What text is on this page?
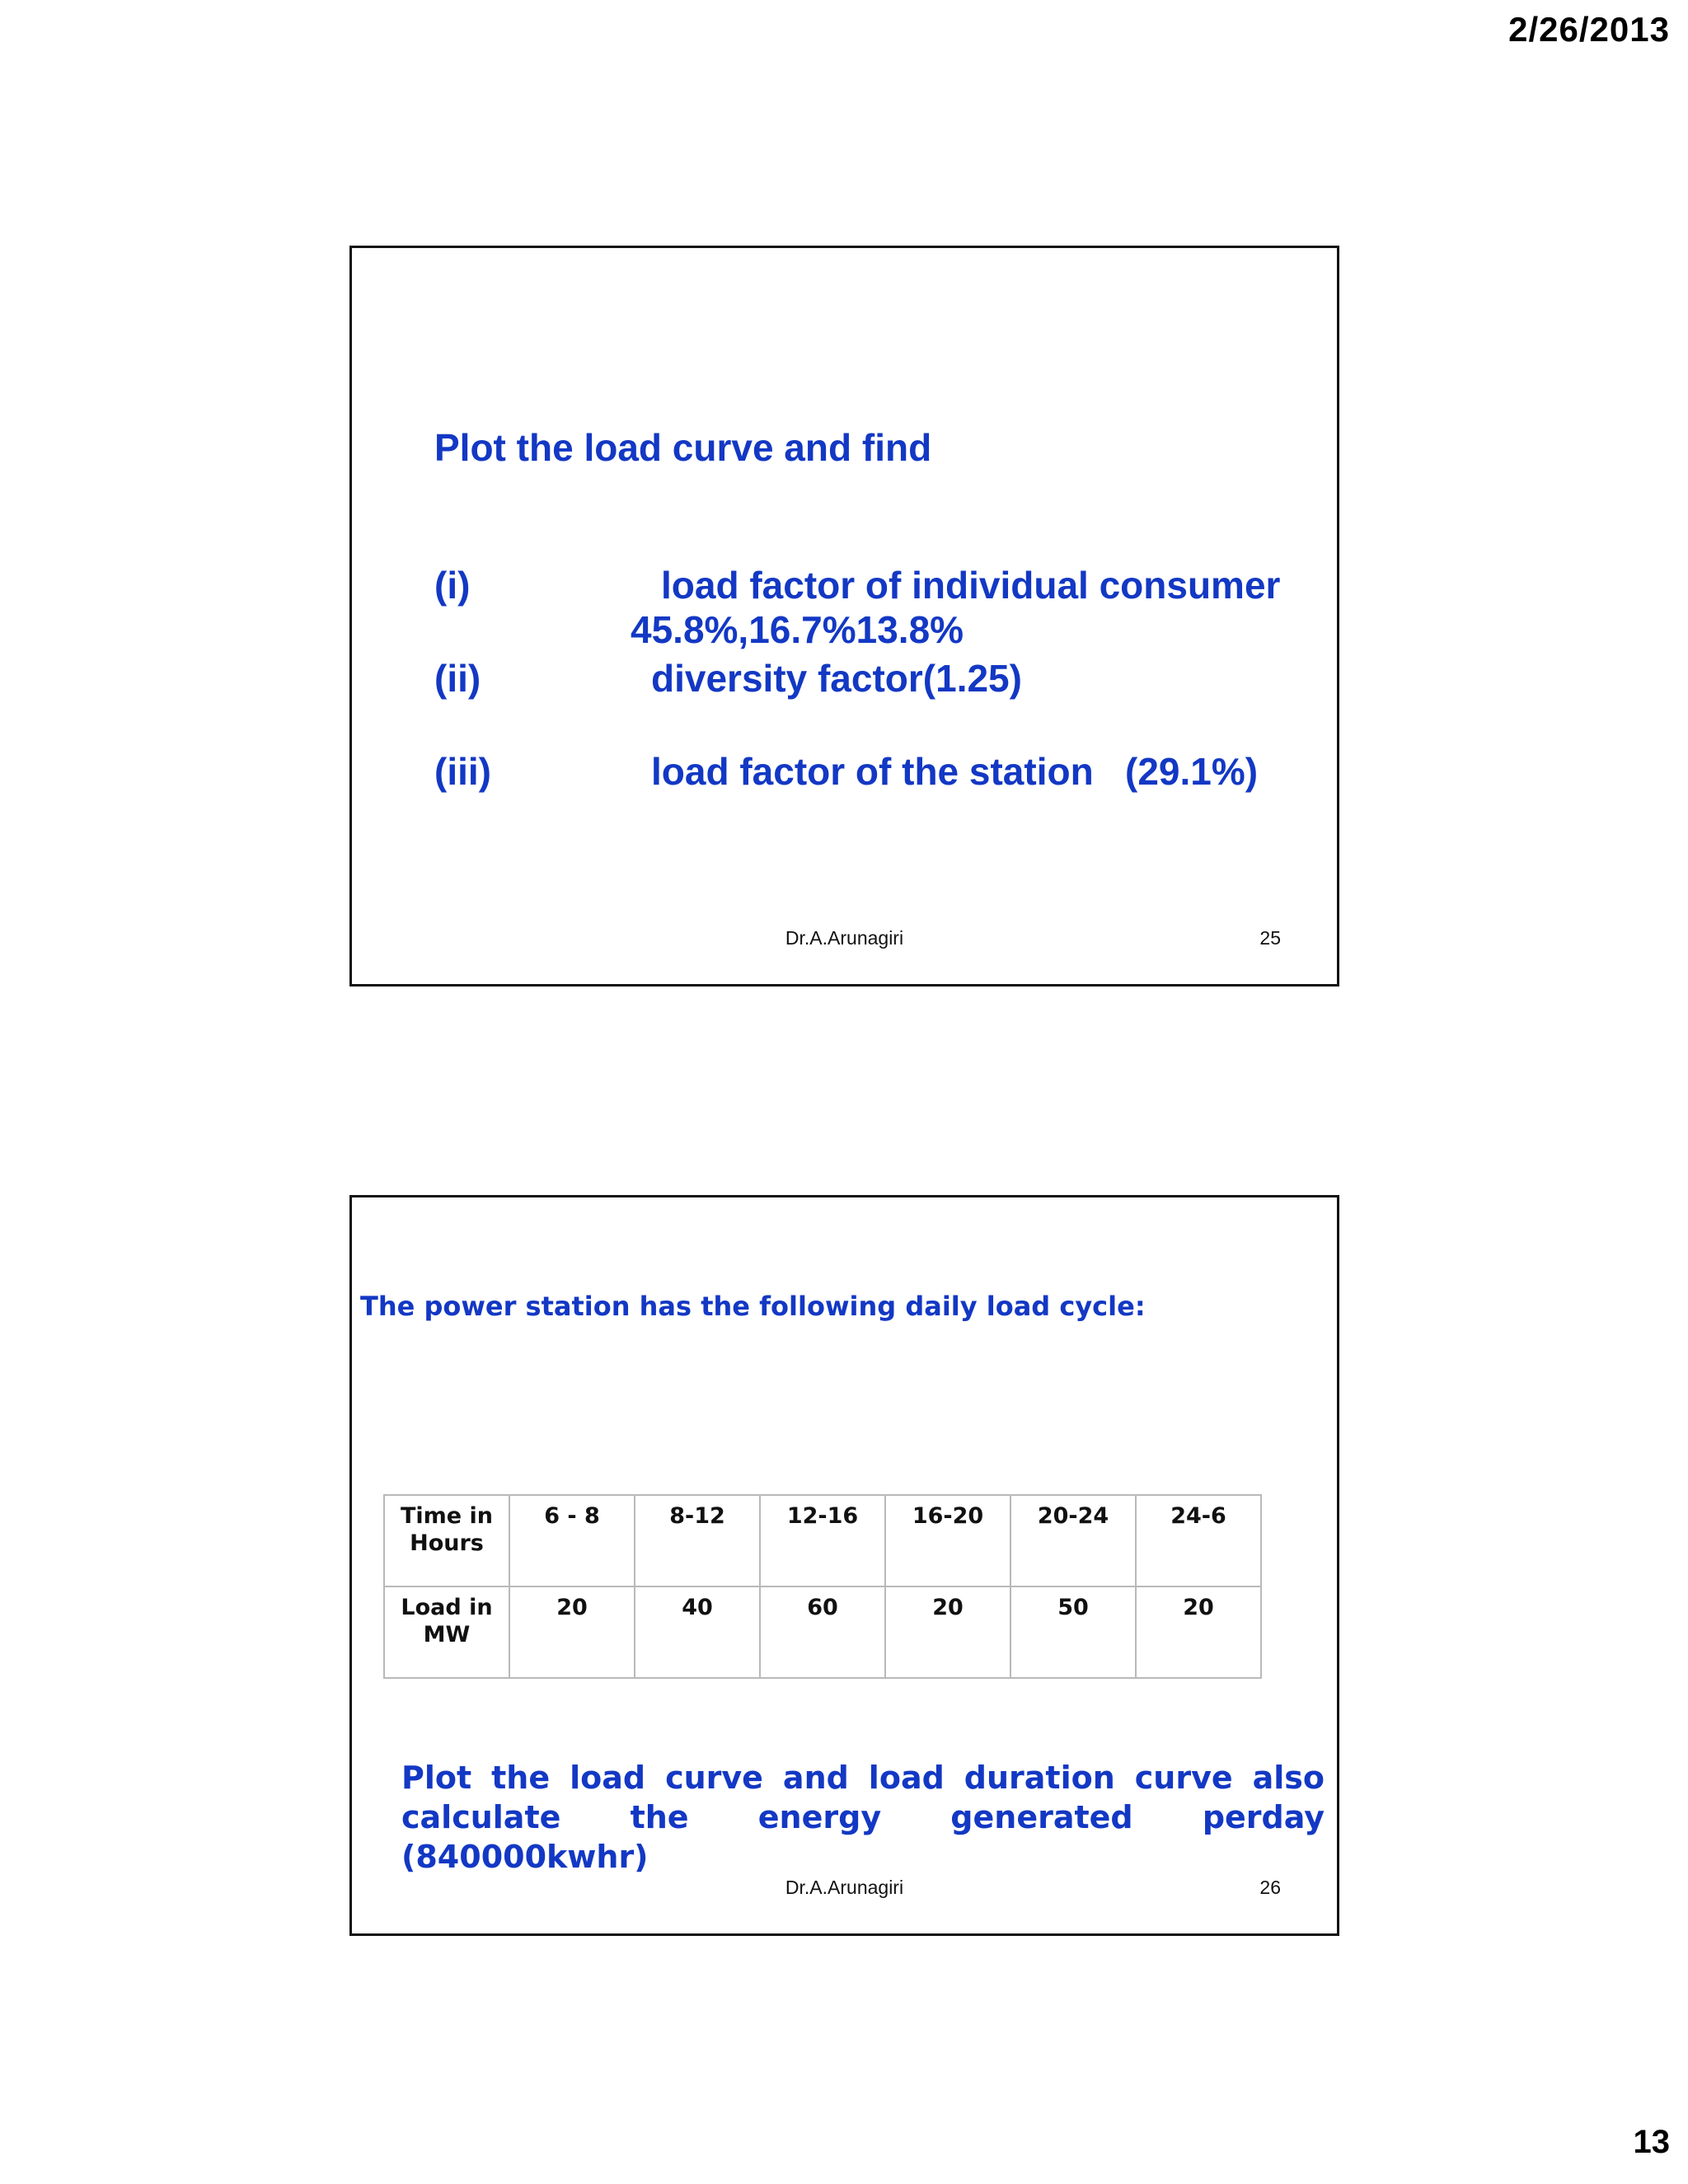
2/26/2013
Plot the load curve and find
(i)	load factor of individual consumer
45.8%,16.7%13.8%
(ii)	diversity factor(1.25)
(iii)	load factor of the station   (29.1%)
Dr.A.Arunagiri	25
The power station has the following daily load cycle:
Time in Hours	6 - 8	8-12	12-16	16-20	20-24	24-6
Load in MW	20	40	60	20	50	20
Plot the load curve and load duration curve also calculate the energy generated perday (840000kwhr)
Dr.A.Arunagiri	26
13
